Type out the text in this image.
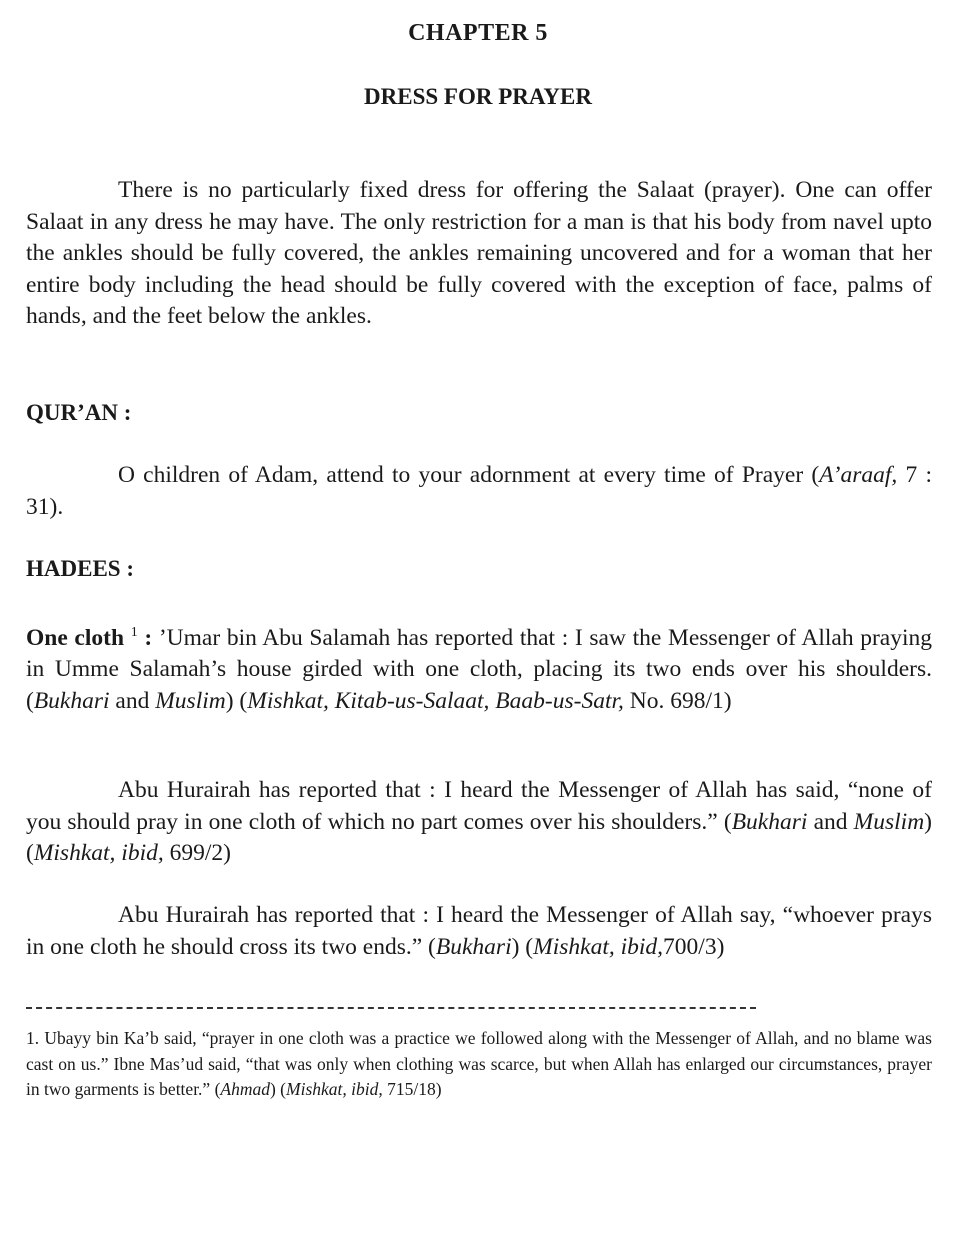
CHAPTER 5
DRESS FOR PRAYER

There is no particularly fixed dress for offering the Salaat (prayer). One can offer Salaat in any dress he may have. The only restriction for a man is that his body from navel upto the ankles should be fully covered, the ankles remaining uncovered and for a woman that her entire body including the head should be fully covered with the exception of face, palms of hands, and the feet below the ankles.

QUR’AN :

O children of Adam, attend to your adornment at every time of Prayer (A’araaf, 7 : 31).

HADEES :

One cloth $^1$ : ’Umar bin Abu Salamah has reported that : I saw the Messenger of Allah praying in Umme Salamah’s house girded with one cloth, placing its two ends over his shoulders. (Bukhari and Muslim) (Mishkat, Kitab-us-Salaat, Baab-us-Satr, No. 698/1)

Abu Hurairah has reported that : I heard the Messenger of Allah has said, “none of you should pray in one cloth of which no part comes over his shoulders.” (Bukhari and Muslim) (Mishkat, ibid, 699/2)

Abu Hurairah has reported that : I heard the Messenger of Allah say, “whoever prays in one cloth he should cross its two ends.” (Bukhari) (Mishkat, ibid,700/3)

1. Ubayy bin Ka’b said, “prayer in one cloth was a practice we followed along with the Messenger of Allah, and no blame was cast on us.” Ibne Mas’ud said, “that was only when clothing was scarce, but when Allah has enlarged our circumstances, prayer in two garments is better.” (Ahmad) (Mishkat, ibid, 715/18)
